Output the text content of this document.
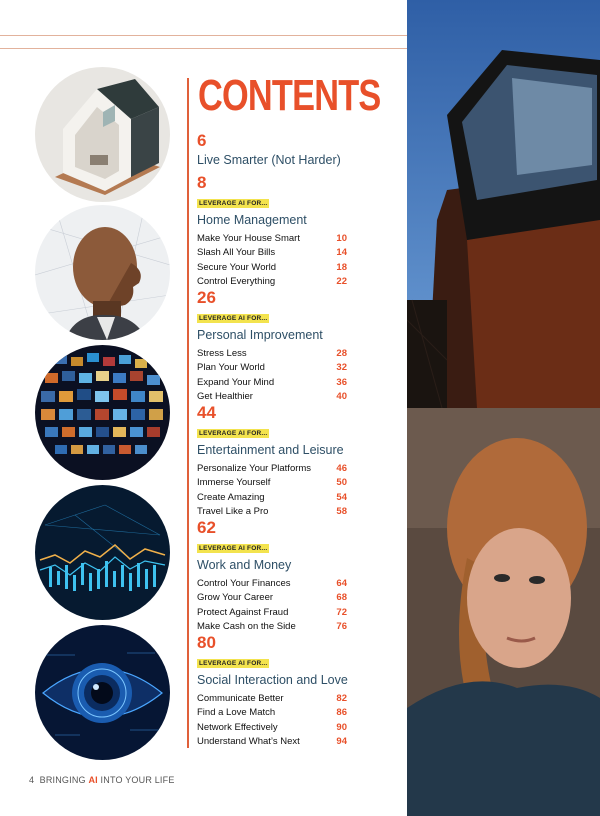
CONTENTS
6
Live Smarter (Not Harder)
8
LEVERAGE AI FOR...
Home Management
Make Your House Smart	10
Slash All Your Bills	14
Secure Your World	18
Control Everything	22
26
LEVERAGE AI FOR...
Personal Improvement
Stress Less	28
Plan Your World	32
Expand Your Mind	36
Get Healthier	40
44
LEVERAGE AI FOR...
Entertainment and Leisure
Personalize Your Platforms	46
Immerse Yourself	50
Create Amazing	54
Travel Like a Pro	58
62
LEVERAGE AI FOR...
Work and Money
Control Your Finances	64
Grow Your Career	68
Protect Against Fraud	72
Make Cash on the Side	76
80
LEVERAGE AI FOR...
Social Interaction and Love
Communicate Better	82
Find a Love Match	86
Network Effectively	90
Understand What’s Next	94
4 BRINGING AI INTO YOUR LIFE
